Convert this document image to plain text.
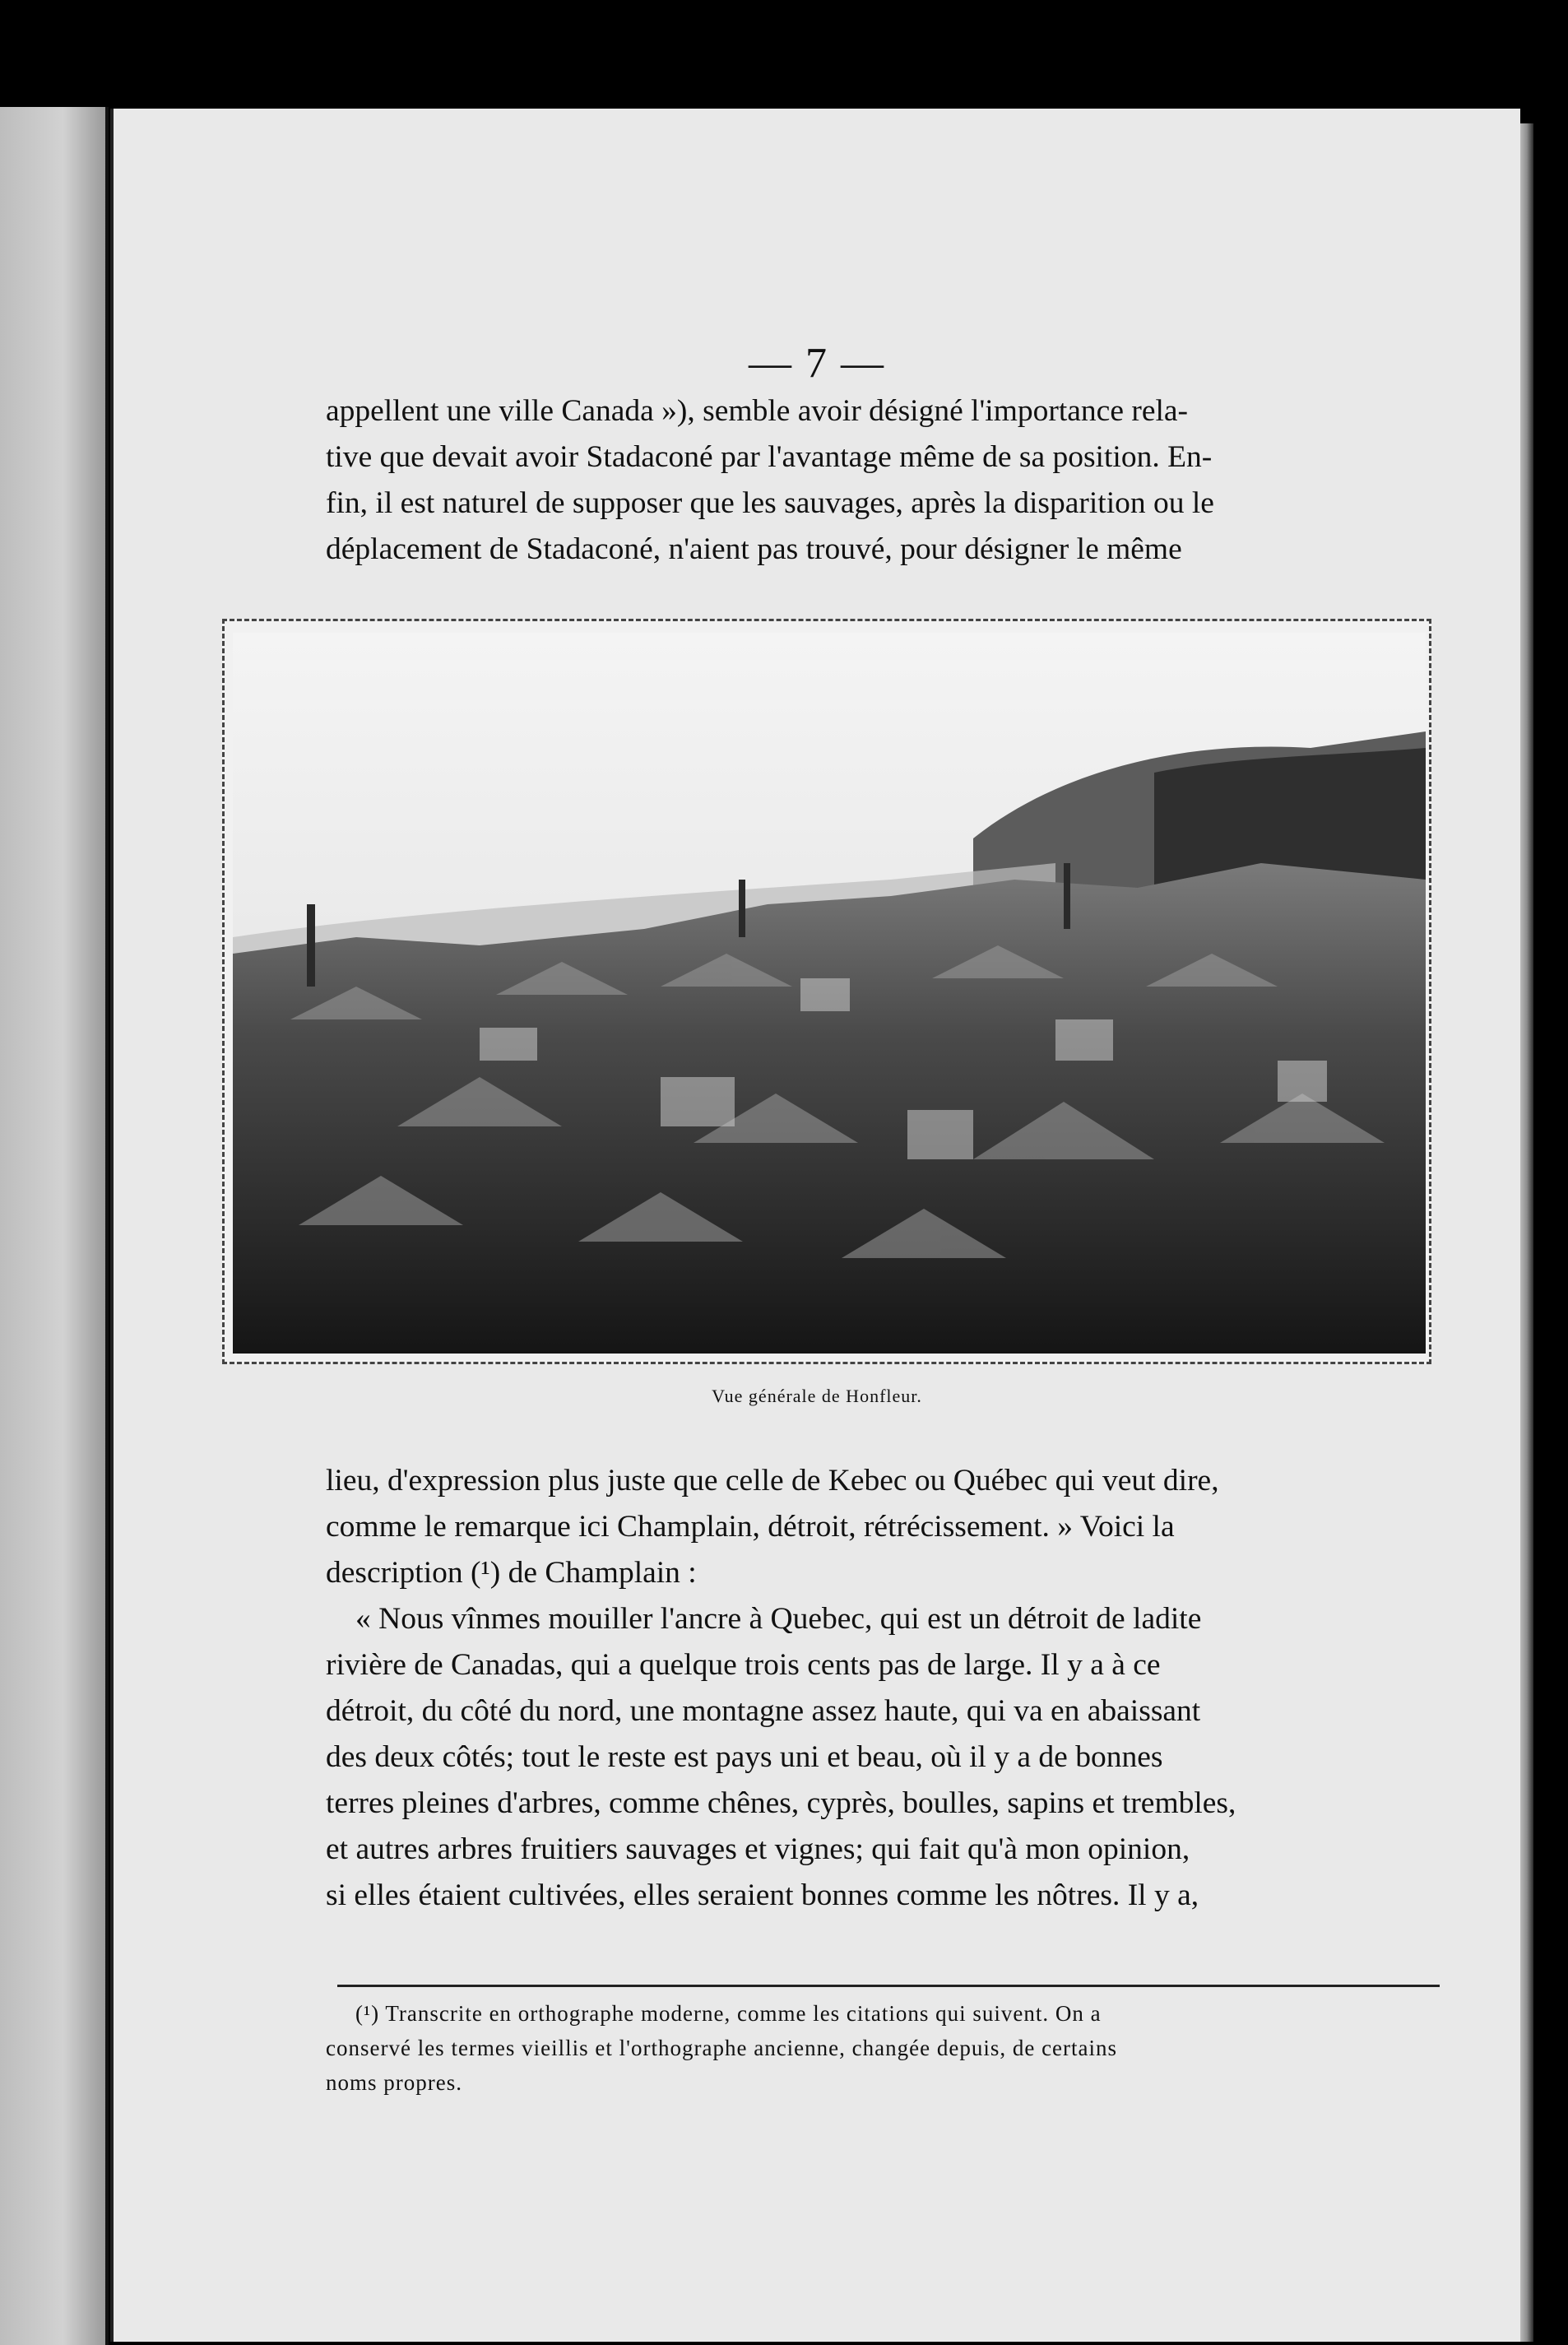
— 7 —

appellent une ville Canada »), semble avoir désigné l'importance rela-

tive que devait avoir Stadaconé par l'avantage même de sa position. En-

fin, il est naturel de supposer que les sauvages, après la disparition ou le

déplacement de Stadaconé, n'aient pas trouvé, pour désigner le même

Vue générale de Honfleur.

lieu, d'expression plus juste que celle de Kebec ou Québec qui veut dire,

comme le remarque ici Champlain, détroit, rétrécissement. » Voici la

description (¹) de Champlain :

« Nous vînmes mouiller l'ancre à Quebec, qui est un détroit de ladite

rivière de Canadas, qui a quelque trois cents pas de large. Il y a à ce

détroit, du côté du nord, une montagne assez haute, qui va en abaissant

des deux côtés; tout le reste est pays uni et beau, où il y a de bonnes

terres pleines d'arbres, comme chênes, cyprès, boulles, sapins et trembles,

et autres arbres fruitiers sauvages et vignes; qui fait qu'à mon opinion,

si elles étaient cultivées, elles seraient bonnes comme les nôtres. Il y a,

(¹) Transcrite en orthographe moderne, comme les citations qui suivent. On a

conservé les termes vieillis et l'orthographe ancienne, changée depuis, de certains
noms propres.
